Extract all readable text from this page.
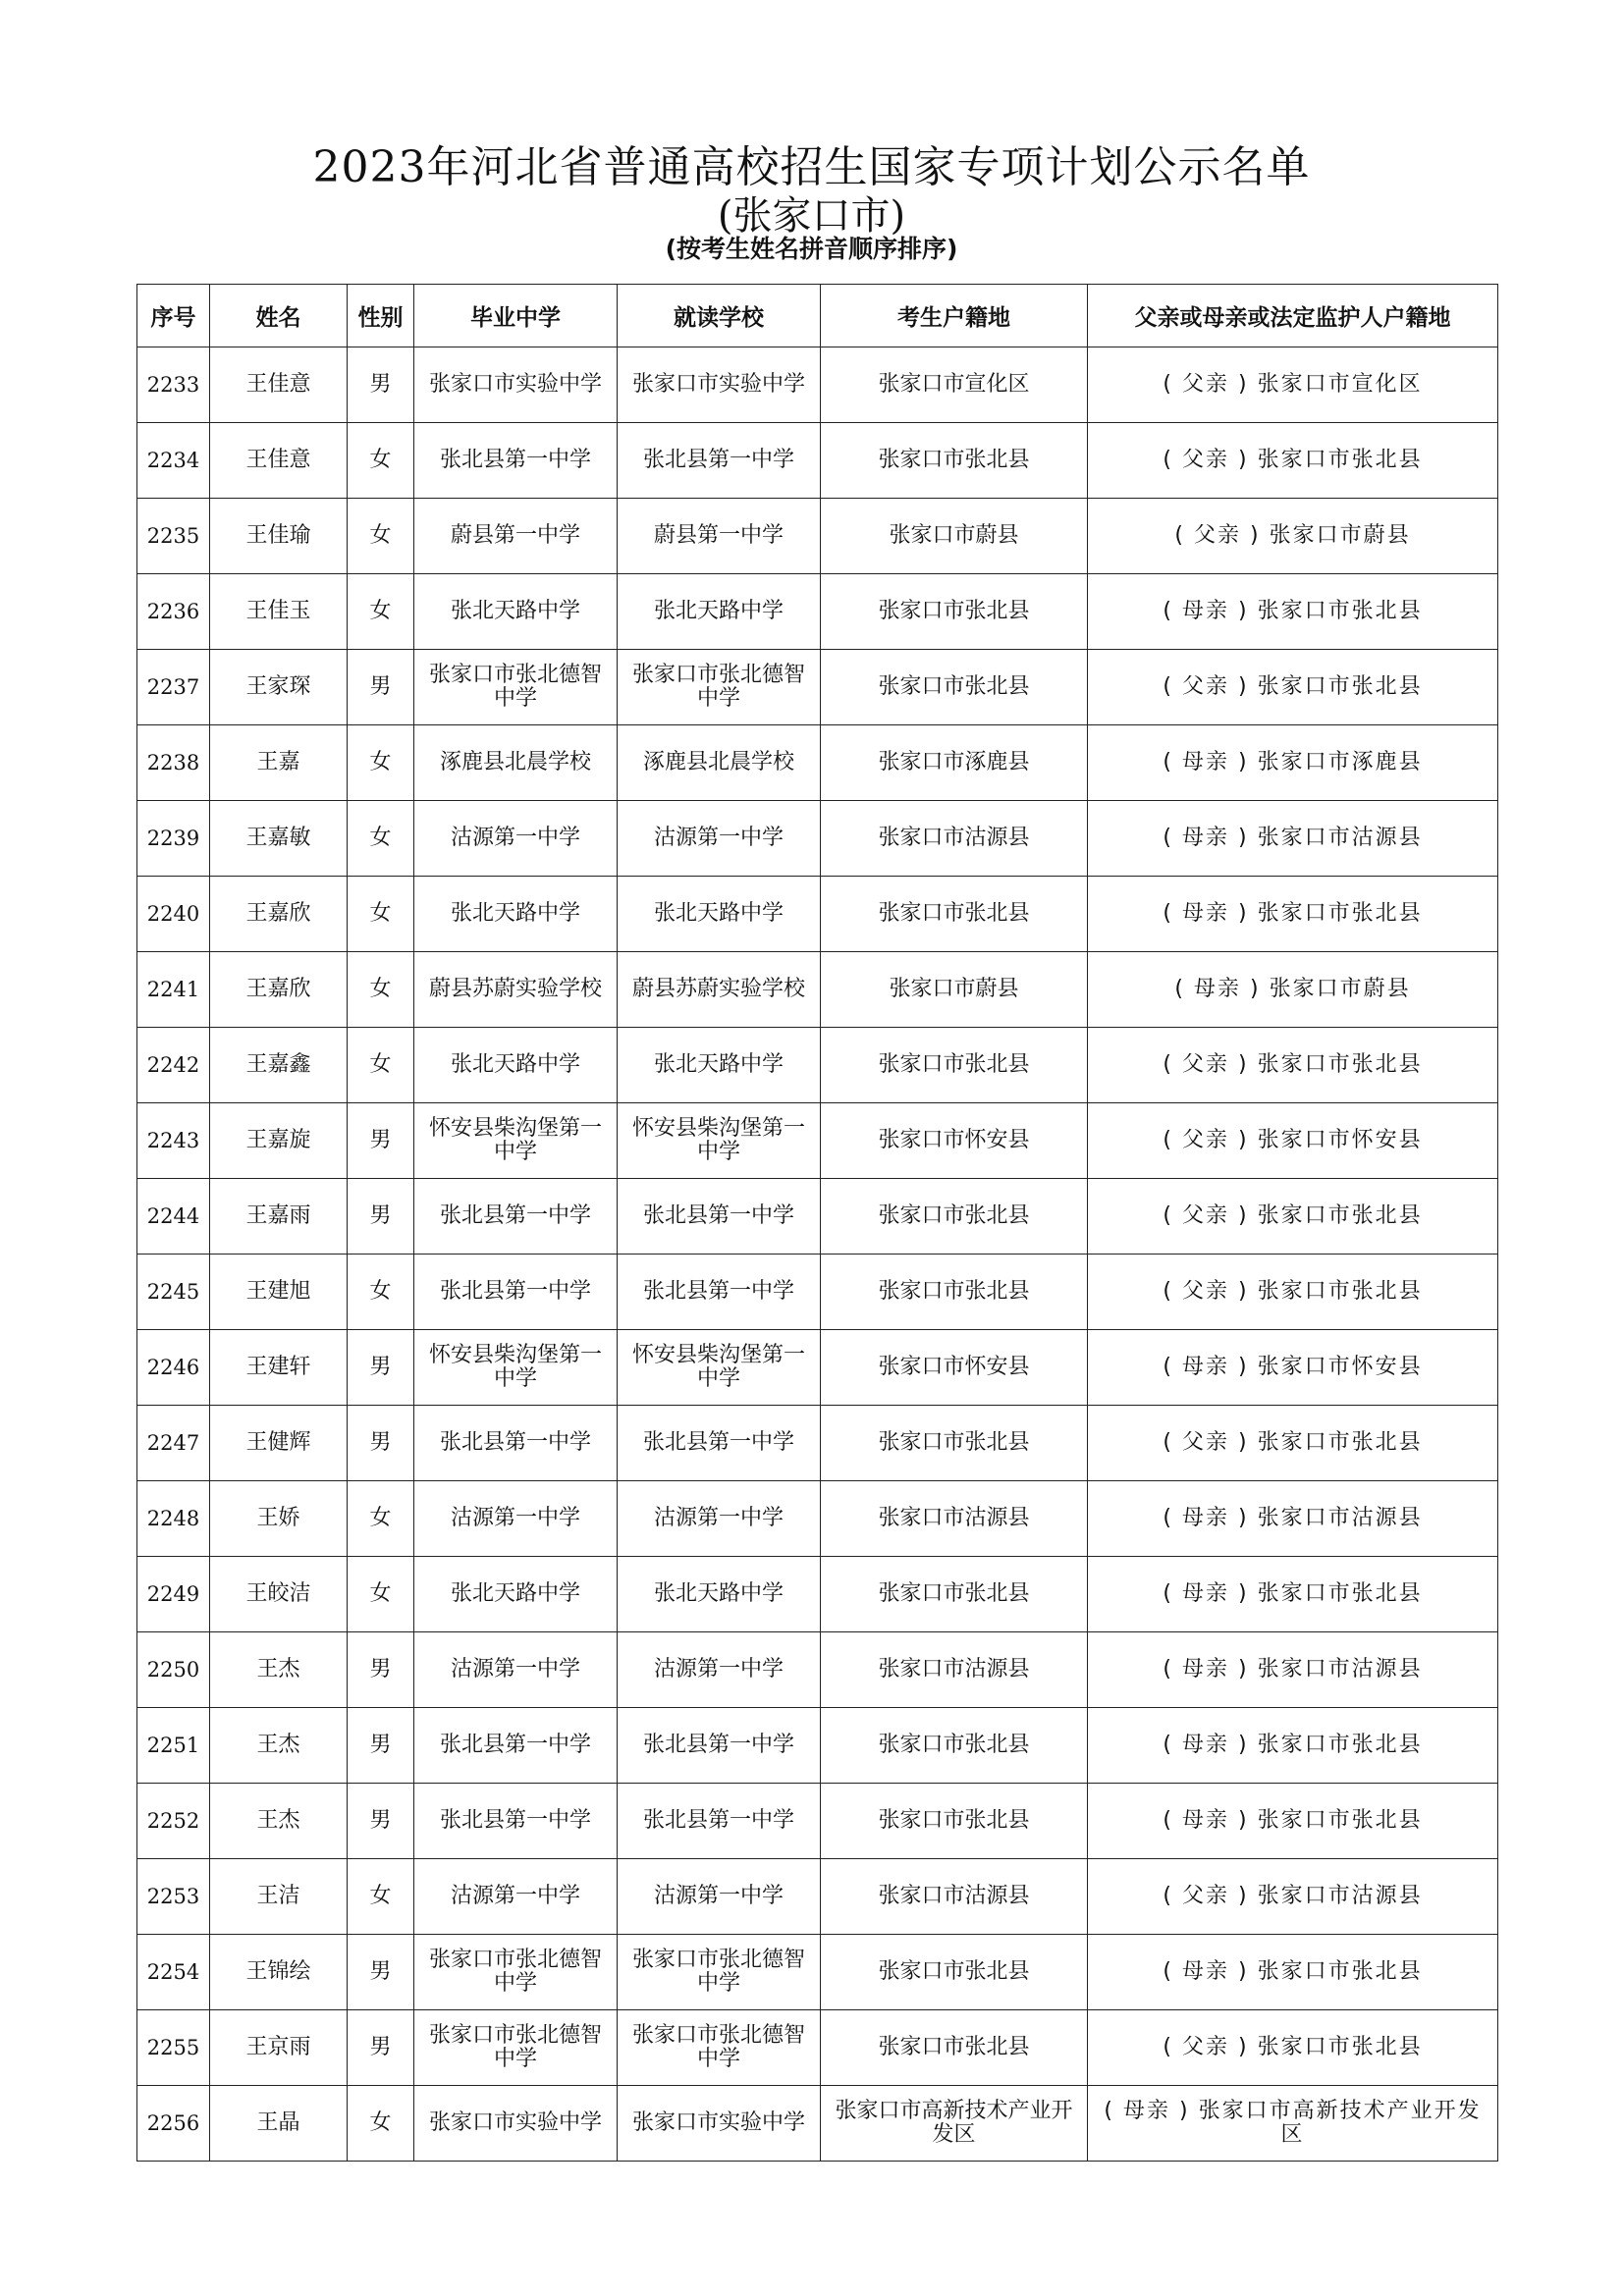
2023年河北省普通高校招生国家专项计划公示名单
(张家口市)
(按考生姓名拼音顺序排序)
序号	姓名	性别	毕业中学	就读学校	考生户籍地	父亲或母亲或法定监护人户籍地
2233	王佳意	男	张家口市实验中学	张家口市实验中学	张家口市宣化区	( 父亲 ) 张家口市宣化区
2234	王佳意	女	张北县第一中学	张北县第一中学	张家口市张北县	( 父亲 ) 张家口市张北县
2235	王佳瑜	女	蔚县第一中学	蔚县第一中学	张家口市蔚县	( 父亲 ) 张家口市蔚县
2236	王佳玉	女	张北天路中学	张北天路中学	张家口市张北县	( 母亲 ) 张家口市张北县
2237	王家琛	男	张家口市张北德智中学	张家口市张北德智中学	张家口市张北县	( 父亲 ) 张家口市张北县
2238	王嘉	女	涿鹿县北晨学校	涿鹿县北晨学校	张家口市涿鹿县	( 母亲 ) 张家口市涿鹿县
2239	王嘉敏	女	沽源第一中学	沽源第一中学	张家口市沽源县	( 母亲 ) 张家口市沽源县
2240	王嘉欣	女	张北天路中学	张北天路中学	张家口市张北县	( 母亲 ) 张家口市张北县
2241	王嘉欣	女	蔚县苏蔚实验学校	蔚县苏蔚实验学校	张家口市蔚县	( 母亲 ) 张家口市蔚县
2242	王嘉鑫	女	张北天路中学	张北天路中学	张家口市张北县	( 父亲 ) 张家口市张北县
2243	王嘉旋	男	怀安县柴沟堡第一中学	怀安县柴沟堡第一中学	张家口市怀安县	( 父亲 ) 张家口市怀安县
2244	王嘉雨	男	张北县第一中学	张北县第一中学	张家口市张北县	( 父亲 ) 张家口市张北县
2245	王建旭	女	张北县第一中学	张北县第一中学	张家口市张北县	( 父亲 ) 张家口市张北县
2246	王建轩	男	怀安县柴沟堡第一中学	怀安县柴沟堡第一中学	张家口市怀安县	( 母亲 ) 张家口市怀安县
2247	王健辉	男	张北县第一中学	张北县第一中学	张家口市张北县	( 父亲 ) 张家口市张北县
2248	王娇	女	沽源第一中学	沽源第一中学	张家口市沽源县	( 母亲 ) 张家口市沽源县
2249	王皎洁	女	张北天路中学	张北天路中学	张家口市张北县	( 母亲 ) 张家口市张北县
2250	王杰	男	沽源第一中学	沽源第一中学	张家口市沽源县	( 母亲 ) 张家口市沽源县
2251	王杰	男	张北县第一中学	张北县第一中学	张家口市张北县	( 母亲 ) 张家口市张北县
2252	王杰	男	张北县第一中学	张北县第一中学	张家口市张北县	( 母亲 ) 张家口市张北县
2253	王洁	女	沽源第一中学	沽源第一中学	张家口市沽源县	( 父亲 ) 张家口市沽源县
2254	王锦绘	男	张家口市张北德智中学	张家口市张北德智中学	张家口市张北县	( 母亲 ) 张家口市张北县
2255	王京雨	男	张家口市张北德智中学	张家口市张北德智中学	张家口市张北县	( 父亲 ) 张家口市张北县
2256	王晶	女	张家口市实验中学	张家口市实验中学	张家口市高新技术产业开发区	( 母亲 ) 张家口市高新技术产业开发区
